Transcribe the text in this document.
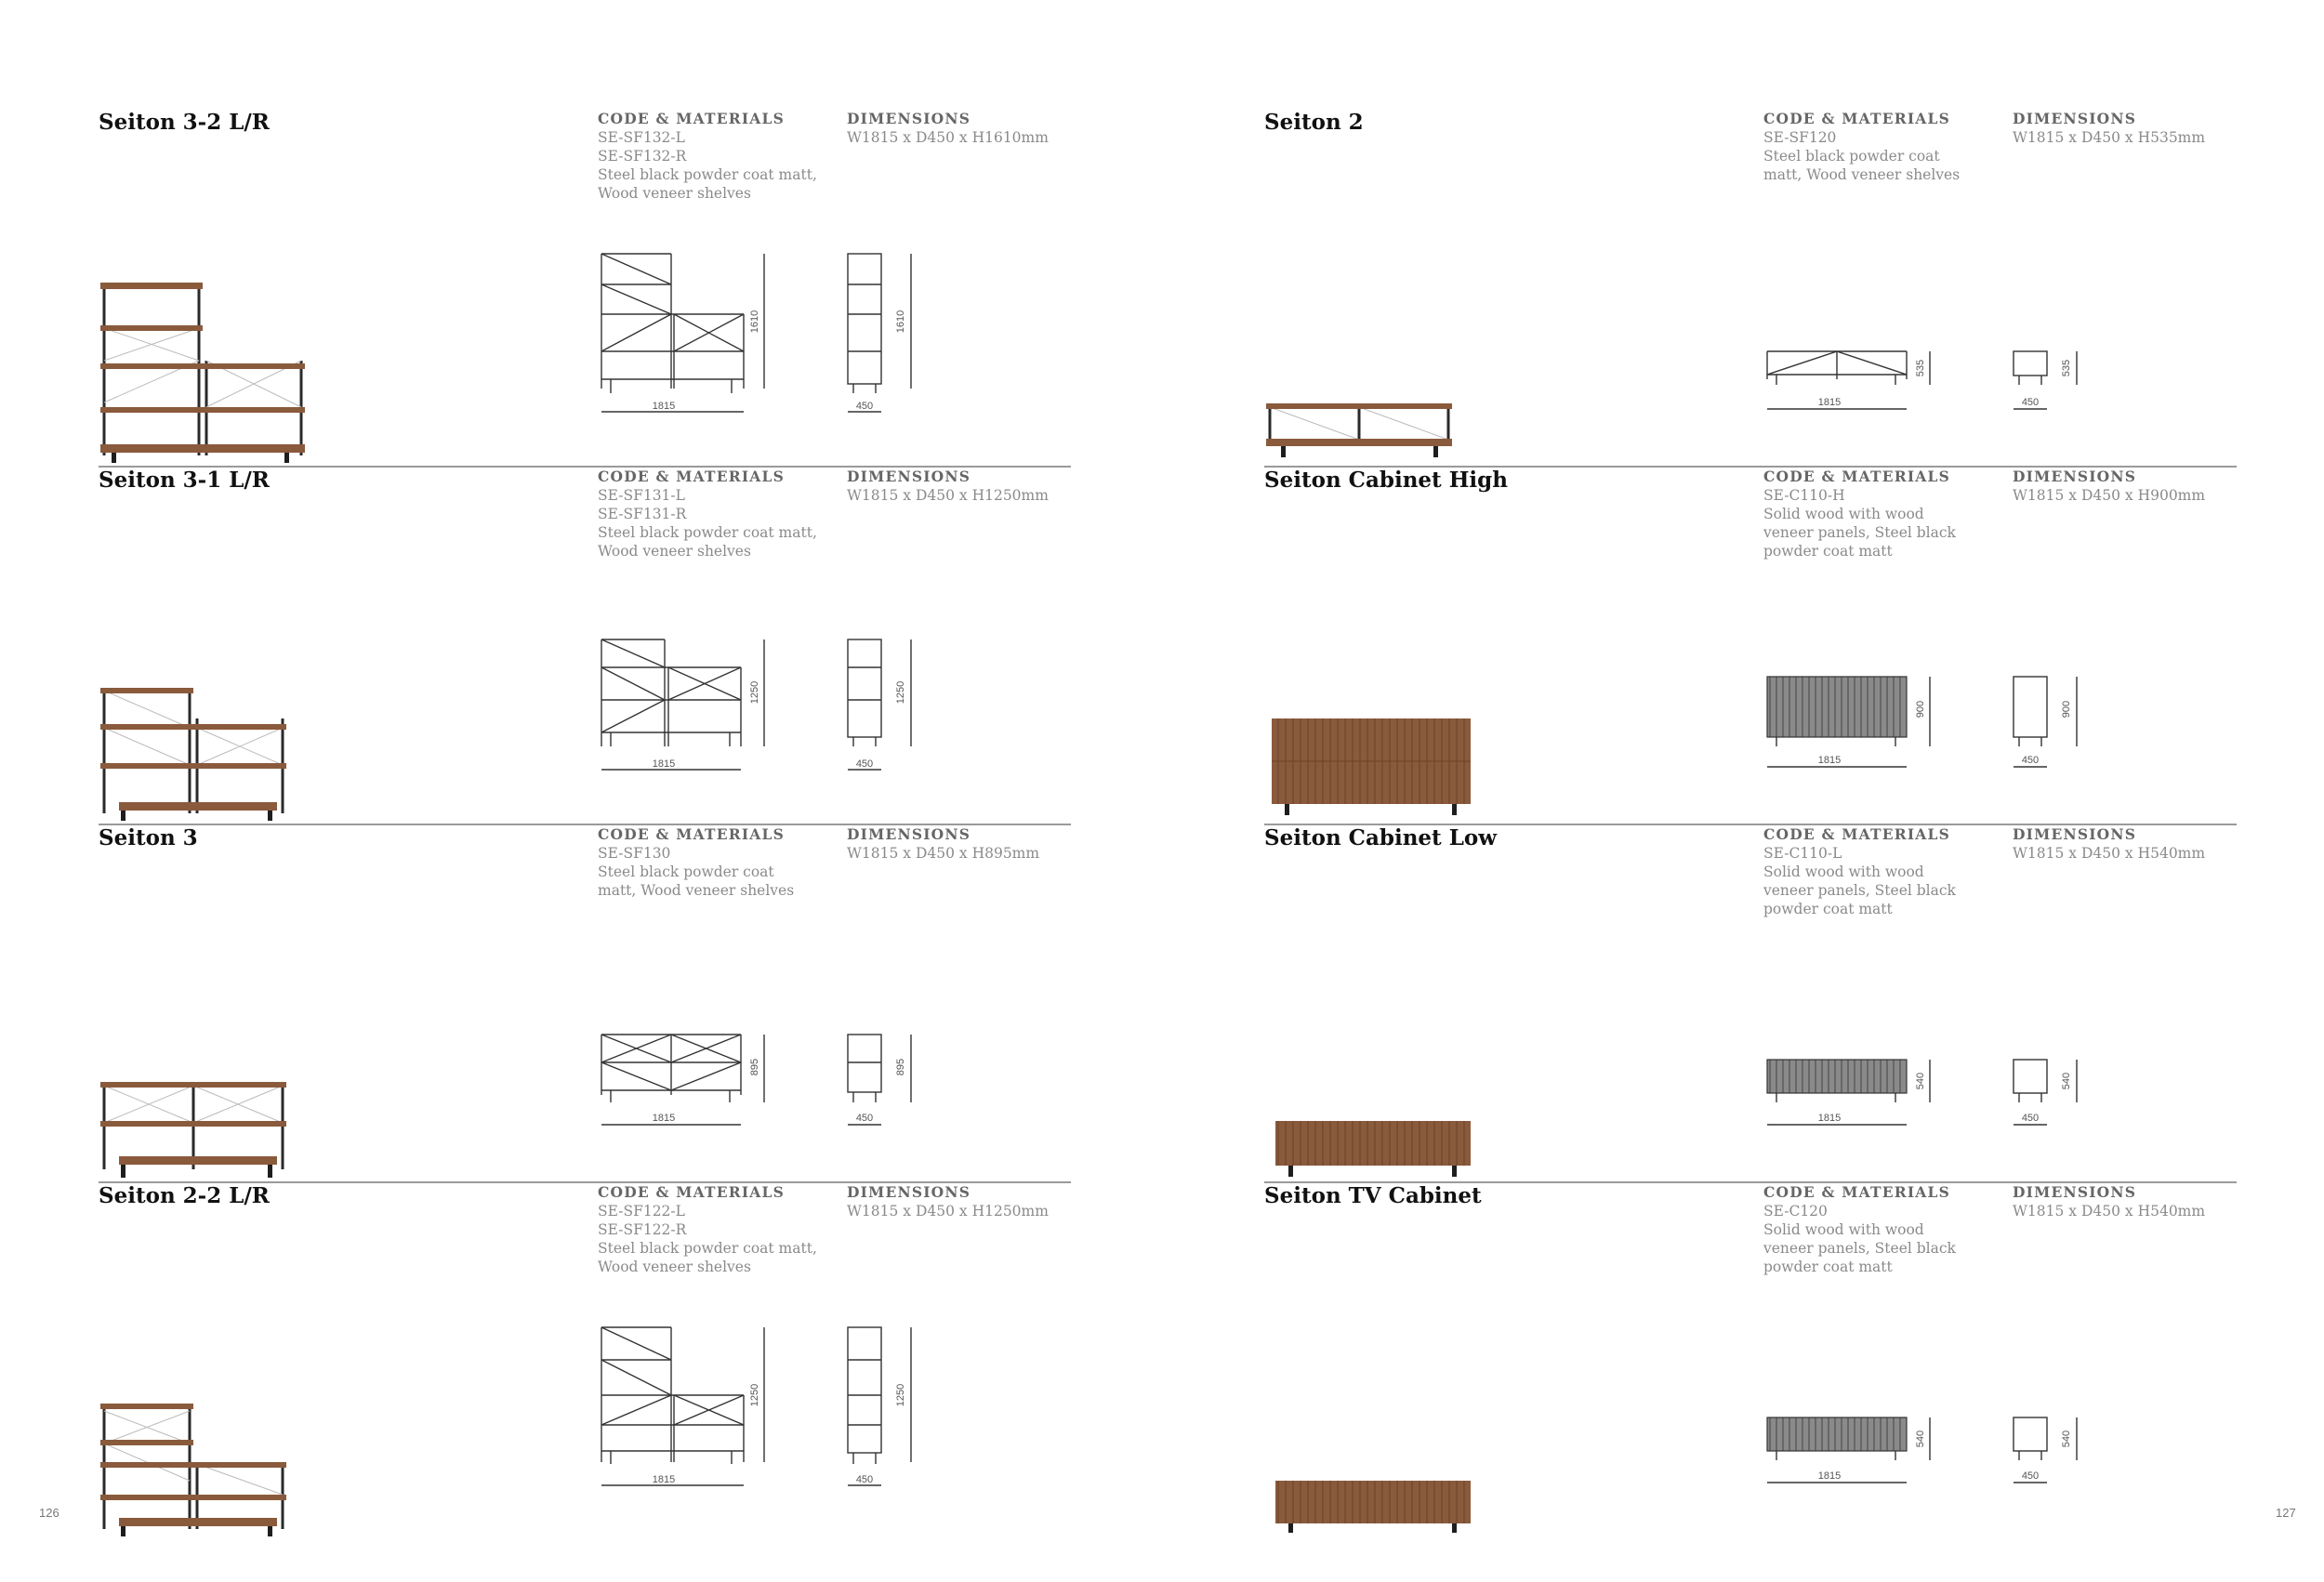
Seiton 3-2 L/R	CODE & MATERIALS

SE-SF132-L

SE-SF132-R

Steel black powder coat matt,

Wood veneer shelves

DIMENSIONS

W1815 x D450 x H1610mm

1815
1610
450
1610
Seiton 3-1 L/R	CODE & MATERIALS

SE-SF131-L

SE-SF131-R

Steel black powder coat matt,

Wood veneer shelves

DIMENSIONS

W1815 x D450 x H1250mm

1815
1250
450
1250
Seiton 3	CODE & MATERIALS

SE-SF130

Steel black powder coat

matt, Wood veneer shelves

DIMENSIONS

W1815 x D450 x H895mm

1815
895
450
895
Seiton 2-2 L/R	CODE & MATERIALS

SE-SF122-L

SE-SF122-R

Steel black powder coat matt,

Wood veneer shelves

DIMENSIONS

W1815 x D450 x H1250mm

1815
1250
450
1250
126
Seiton 2	CODE & MATERIALS

SE-SF120

Steel black powder coat

matt, Wood veneer shelves

DIMENSIONS

W1815 x D450 x H535mm

1815
535
450
535
Seiton Cabinet High	CODE & MATERIALS

SE-C110-H

Solid wood with wood

veneer panels, Steel black

powder coat matt

DIMENSIONS

W1815 x D450 x H900mm

1815
900
450
900
Seiton Cabinet Low	CODE & MATERIALS

SE-C110-L

Solid wood with wood

veneer panels, Steel black

powder coat matt

DIMENSIONS

W1815 x D450 x H540mm

1815
540
450
540
Seiton TV Cabinet	CODE & MATERIALS

SE-C120

Solid wood with wood

veneer panels, Steel black

powder coat matt

DIMENSIONS

W1815 x D450 x H540mm

1815
540
450
540
127
